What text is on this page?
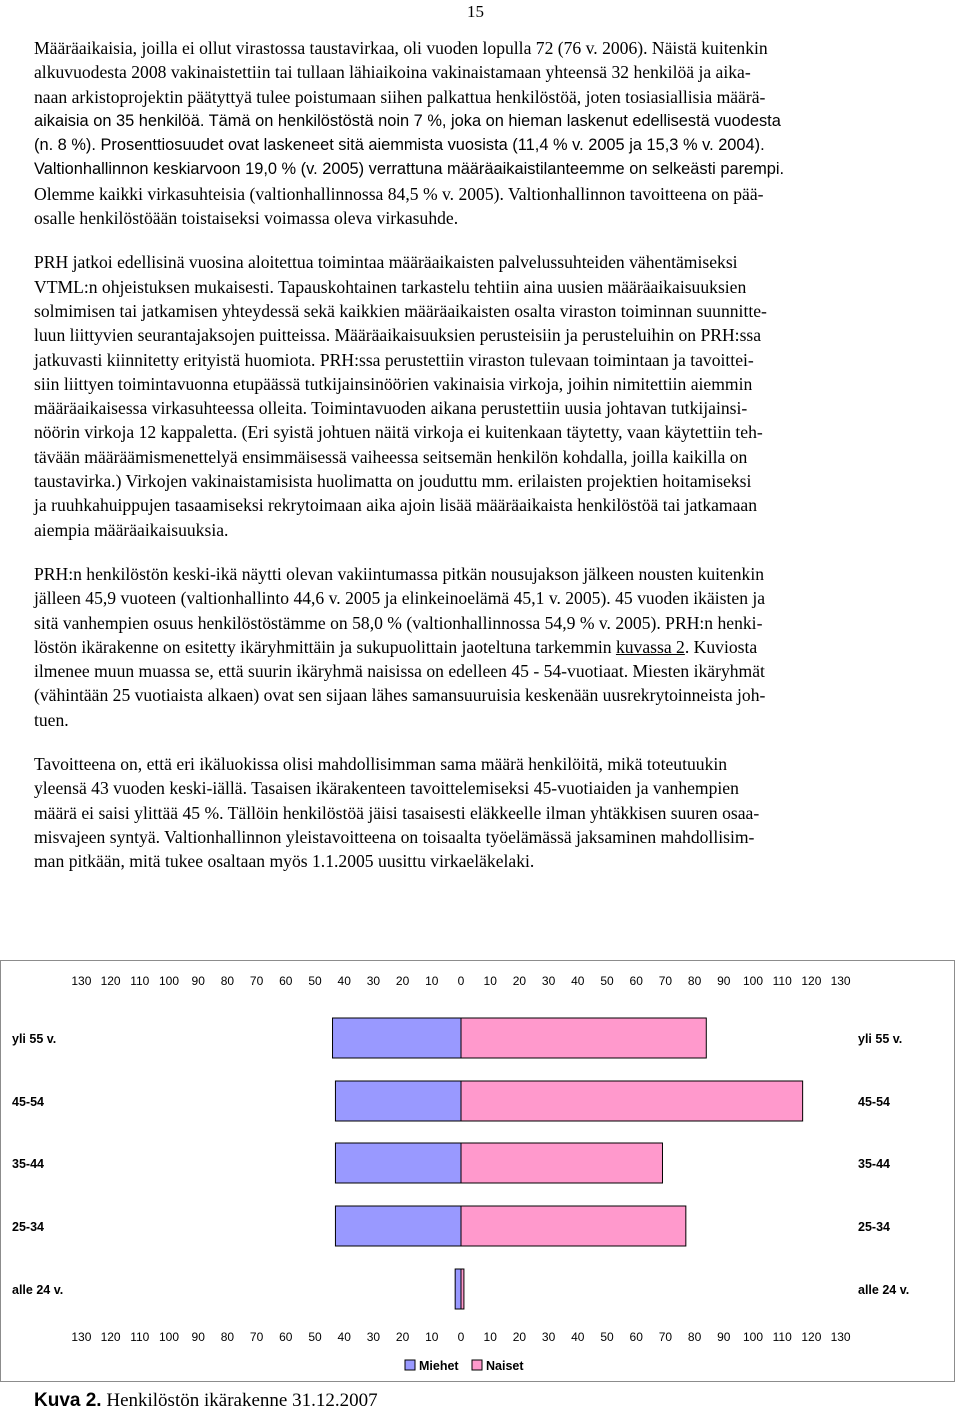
15

Määräaikaisia, joilla ei ollut virastossa taustavirkaa, oli vuoden lopulla 72 (76 v. 2006). Näistä kuitenkin
alkuvuodesta 2008 vakinaistettiin tai tullaan lähiaikoina vakinaistamaan yhteensä 32 henkilöä ja aika-
naan arkistoprojektin päätyttyä tulee poistumaan siihen palkattua henkilöstöä, joten tosiasiallisia määrä-
aikaisia on 35 henkilöä. Tämä on henkilöstöstä noin 7 %, joka on hieman laskenut edellisestä vuodesta
(n. 8 %). Prosenttiosuudet ovat laskeneet sitä aiemmista vuosista (11,4 % v. 2005 ja 15,3 % v. 2004).
Valtionhallinnon keskiarvoon 19,0 % (v. 2005) verrattuna määräaikaistilanteemme on selkeästi parempi.
Olemme kaikki virkasuhteisia (valtionhallinnossa 84,5 % v. 2005). Valtionhallinnon tavoitteena on pää-
osalle henkilöstöään toistaiseksi voimassa oleva virkasuhde.

PRH jatkoi edellisinä vuosina aloitettua toimintaa määräaikaisten palvelussuhteiden vähentämiseksi
VTML:n ohjeistuksen mukaisesti. Tapauskohtainen tarkastelu tehtiin aina uusien määräaikaisuuksien
solmimisen tai jatkamisen yhteydessä sekä kaikkien määräaikaisten osalta viraston toiminnan suunnitte-
luun liittyvien seurantajaksojen puitteissa. Määräaikaisuuksien perusteisiin ja perusteluihin on PRH:ssa
jatkuvasti kiinnitetty erityistä huomiota. PRH:ssa perustettiin viraston tulevaan toimintaan ja tavoittei-
siin liittyen toimintavuonna etupäässä tutkijainsinöörien vakinaisia virkoja, joihin nimitettiin aiemmin
määräaikaisessa virkasuhteessa olleita. Toimintavuoden aikana perustettiin uusia johtavan tutkijainsi-
nöörin virkoja 12 kappaletta. (Eri syistä johtuen näitä virkoja ei kuitenkaan täytetty, vaan käytettiin teh-
tävään määräämismenettelyä ensimmäisessä vaiheessa seitsemän henkilön kohdalla, joilla kaikilla on
taustavirka.) Virkojen vakinaistamisista huolimatta on jouduttu mm. erilaisten projektien hoitamiseksi
ja ruuhkahuippujen tasaamiseksi rekrytoimaan aika ajoin lisää määräaikaista henkilöstöä tai jatkamaan
aiempia määräaikaisuuksia.

PRH:n henkilöstön keski-ikä näytti olevan vakiintumassa pitkän nousujakson jälkeen nousten kuitenkin
jälleen 45,9 vuoteen (valtionhallinto 44,6 v. 2005 ja elinkeinoelämä 45,1 v. 2005). 45 vuoden ikäisten ja
sitä vanhempien osuus henkilöstöstämme on 58,0 % (valtionhallinnossa 54,9 % v. 2005). PRH:n henki-
löstön ikärakenne on esitetty ikäryhmittäin ja sukupuolittain jaoteltuna tarkemmin kuvassa 2. Kuviosta
ilmenee muun muassa se, että suurin ikäryhmä naisissa on edelleen 45 - 54-vuotiaat. Miesten ikäryhmät
(vähintään 25 vuotiaista alkaen) ovat sen sijaan lähes samansuuruisia keskenään uusrekrytoinneista joh-
tuen.

Tavoitteena on, että eri ikäluokissa olisi mahdollisimman sama määrä henkilöitä, mikä toteutuukin
yleensä 43 vuoden keski-iällä. Tasaisen ikärakenteen tavoittelemiseksi 45-vuotiaiden ja vanhempien
määrä ei saisi ylittää 45 %. Tällöin henkilöstöä jäisi tasaisesti eläkkeelle ilman yhtäkkisen suuren osaa-
misvajeen syntyä. Valtionhallinnon yleistavoitteena on toisaalta työelämässä jaksaminen mahdollisim-
man pitkään, mitä tukee osaltaan myös 1.1.2005 uusittu virkaeläkelaki.

130
130
120
120
110
110
100
100
90
90
80
80
70
70
60
60
50
50
40
40
30
30
20
20
10
10
0
0
10
10
20
20
30
30
40
40
50
50
60
60
70
70
80
80
90
90
100
100
110
110
120
120
130
130
yli 55 v.	yli 55 v.
45-54	45-54
35-44	35-44
25-34	25-34
alle 24 v.	alle 24 v.
Miehet Naiset
Kuva 2. Henkilöstön ikärakenne 31.12.2007
